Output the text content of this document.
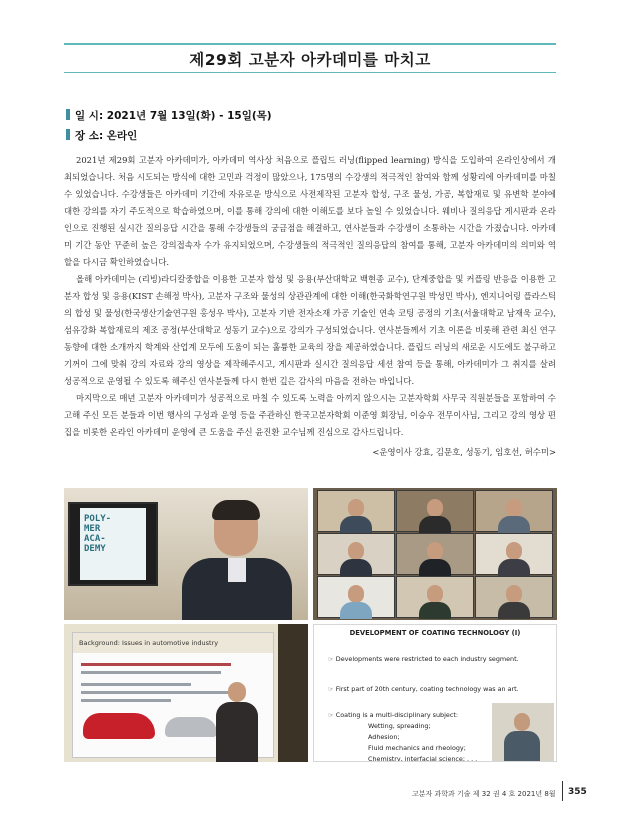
제29회 고분자 아카데미를 마치고
일 시: 2021년 7월 13일(화) - 15일(목)
장 소: 온라인

2021년 제29회 고분자 아카데미가, 아카데미 역사상 처음으로 플립드 러닝(flipped learning) 방식을 도입하여 온라인상에서 개최되었습니다. 처음 시도되는 방식에 대한 고민과 걱정이 많았으나, 175명의 수강생의 적극적인 참여와 함께 성황리에 아카데미를 마칠 수 있었습니다. 수강생들은 아카데미 기간에 자유로운 방식으로 사전제작된 고분자 합성, 구조 물성, 가공, 복합재료 및 유변학 분야에 대한 강의를 자기 주도적으로 학습하였으며, 이를 통해 강의에 대한 이해도를 보다 높일 수 있었습니다. 웨비나 질의응답 게시판과 온라인으로 진행된 실시간 질의응답 시간을 통해 수강생들의 궁금점을 해결하고, 연사분들과 수강생이 소통하는 시간을 가졌습니다. 아카데미 기간 동안 꾸준히 높은 강의접속자 수가 유지되었으며, 수강생들의 적극적인 질의응답의 참여를 통해, 고분자 아카데미의 의미와 역할을 다시금 확인하였습니다.

올해 아카데미는 (리빙)라디칼중합을 이용한 고분자 합성 및 응용(부산대학교 백현종 교수), 단계중합을 및 커플링 반응을 이용한 고분자 합성 및 응용(KIST 손해정 박사), 고분자 구조와 물성의 상관관계에 대한 이해(한국화학연구원 박성민 박사), 엔지니어링 플라스틱의 합성 및 물성(한국생산기술연구원 홍성우 박사), 고분자 기반 전자소재 가공 기술인 연속 코팅 공정의 기초(서울대학교 남재욱 교수), 섬유강화 복합재료의 제조 공정(부산대학교 성동기 교수)으로 강의가 구성되었습니다. 연사분들께서 기초 이론을 비롯해 관련 최신 연구 동향에 대한 소개까지 학계와 산업계 모두에 도움이 되는 훌륭한 교육의 장을 제공하였습니다. 플립드 러닝의 새로운 시도에도 불구하고 기꺼이 그에 맞춰 강의 자료와 강의 영상을 제작해주시고, 게시판과 실시간 질의응답 세션 참여 등을 통해, 아카데미가 그 취지를 살려 성공적으로 운영될 수 있도록 해주신 연사분들께 다시 한번 깊은 감사의 마음을 전하는 바입니다.

마지막으로 매년 고분자 아카데미가 성공적으로 마칠 수 있도록 노력을 아끼지 않으시는 고분자학회 사무국 직원분들을 포함하여 수고해 주신 모든 분들과 이번 행사의 구성과 운영 등을 주관하신 한국고분자학회 이준영 회장님, 이승우 전무이사님, 그리고 강의 영상 편집을 비롯한 온라인 아카데미 운영에 큰 도움을 주신 윤진환 교수님께 진심으로 감사드립니다.

<운영이사 강효, 김문호, 성동기, 임호선, 허수미>
POLY-
MER
ACA-
DEMY
Background: Issues in automotive industry
DEVELOPMENT OF COATING TECHNOLOGY (I)
☞ Developments were restricted to each industry segment.
☞ First part of 20th century, coating technology was an art.
☞ Coating is a multi-disciplinary subject:
Wetting, spreading;
Adhesion;
Fluid mechanics and rheology;
Chemistry, interfacial science; . . .
고분자 과학과 기술 제 32 권 4 호 2021년 8월 355
